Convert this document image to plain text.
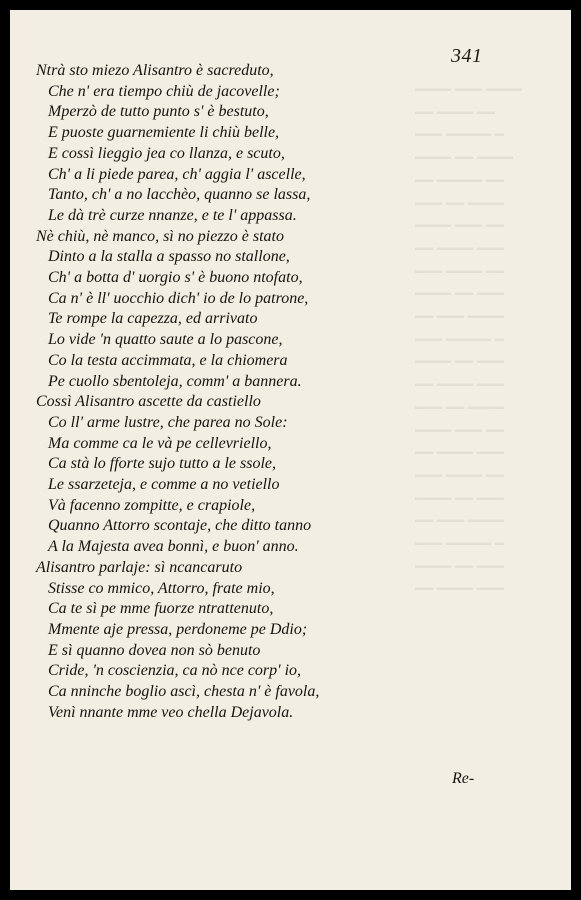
━━━━ ━━━ ━━━━
━━ ━━━━ ━━
━━━ ━━━━━ ━
━━━━ ━━ ━━━━
━━ ━━━━━ ━━
━━━ ━━ ━━━━
━━━━ ━━━ ━━
━━ ━━━━ ━━━
━━━ ━━━━ ━━
━━━━ ━━ ━━━
━━ ━━━ ━━━━
━━━ ━━━━━ ━
━━━━ ━━ ━━━
━━ ━━━━ ━━━
━━━ ━━ ━━━━
━━━━ ━━━ ━━
━━ ━━━━ ━━━
━━━ ━━━━ ━━
━━━━ ━━ ━━━
━━ ━━━ ━━━━
━━━ ━━━━━ ━
━━━━ ━━ ━━━
━━ ━━━━ ━━━
341
Ntrà sto miezo Alisantro è sacreduto,
Che n' era tiempo chiù de jacovelle;
Mperzò de tutto punto s' è bestuto,
E puoste guarnemiente li chiù belle,
E cossì lieggio jea co llanza, e scuto,
Ch' a li piede parea, ch' aggia l' ascelle,
Tanto, ch' a no lacchèo, quanno se lassa,
Le dà trè curze nnanze, e te l' appassa.
Nè chiù, nè manco, sì no piezzo è stato
Dinto a la stalla a spasso no stallone,
Ch' a botta d' uorgio s' è buono ntofato,
Ca n' è ll' uocchio dich' io de lo patrone,
Te rompe la capezza, ed arrivato
Lo vide 'n quatto saute a lo pascone,
Co la testa accimmata, e la chiomera
Pe cuollo sbentoleja, comm' a bannera.
Cossì Alisantro ascette da castiello
Co ll' arme lustre, che parea no Sole:
Ma comme ca le và pe cellevriello,
Ca stà lo fforte sujo tutto a le ssole,
Le ssarzeteja, e comme a no vetiello
Và facenno zompitte, e crapiole,
Quanno Attorro scontaje, che ditto tanno
A la Majesta avea bonnì, e buon' anno.
Alisantro parlaje: sì ncancaruto
Stisse co mmico, Attorro, frate mio,
Ca te sì pe mme fuorze ntrattenuto,
Mmente aje pressa, perdoneme pe Ddio;
E sì quanno dovea non sò benuto
Cride, 'n coscienzia, ca nò nce corp' io,
Ca nninche boglio ascì, chesta n' è favola,
Venì nnante mme veo chella Dejavola.
Re-
